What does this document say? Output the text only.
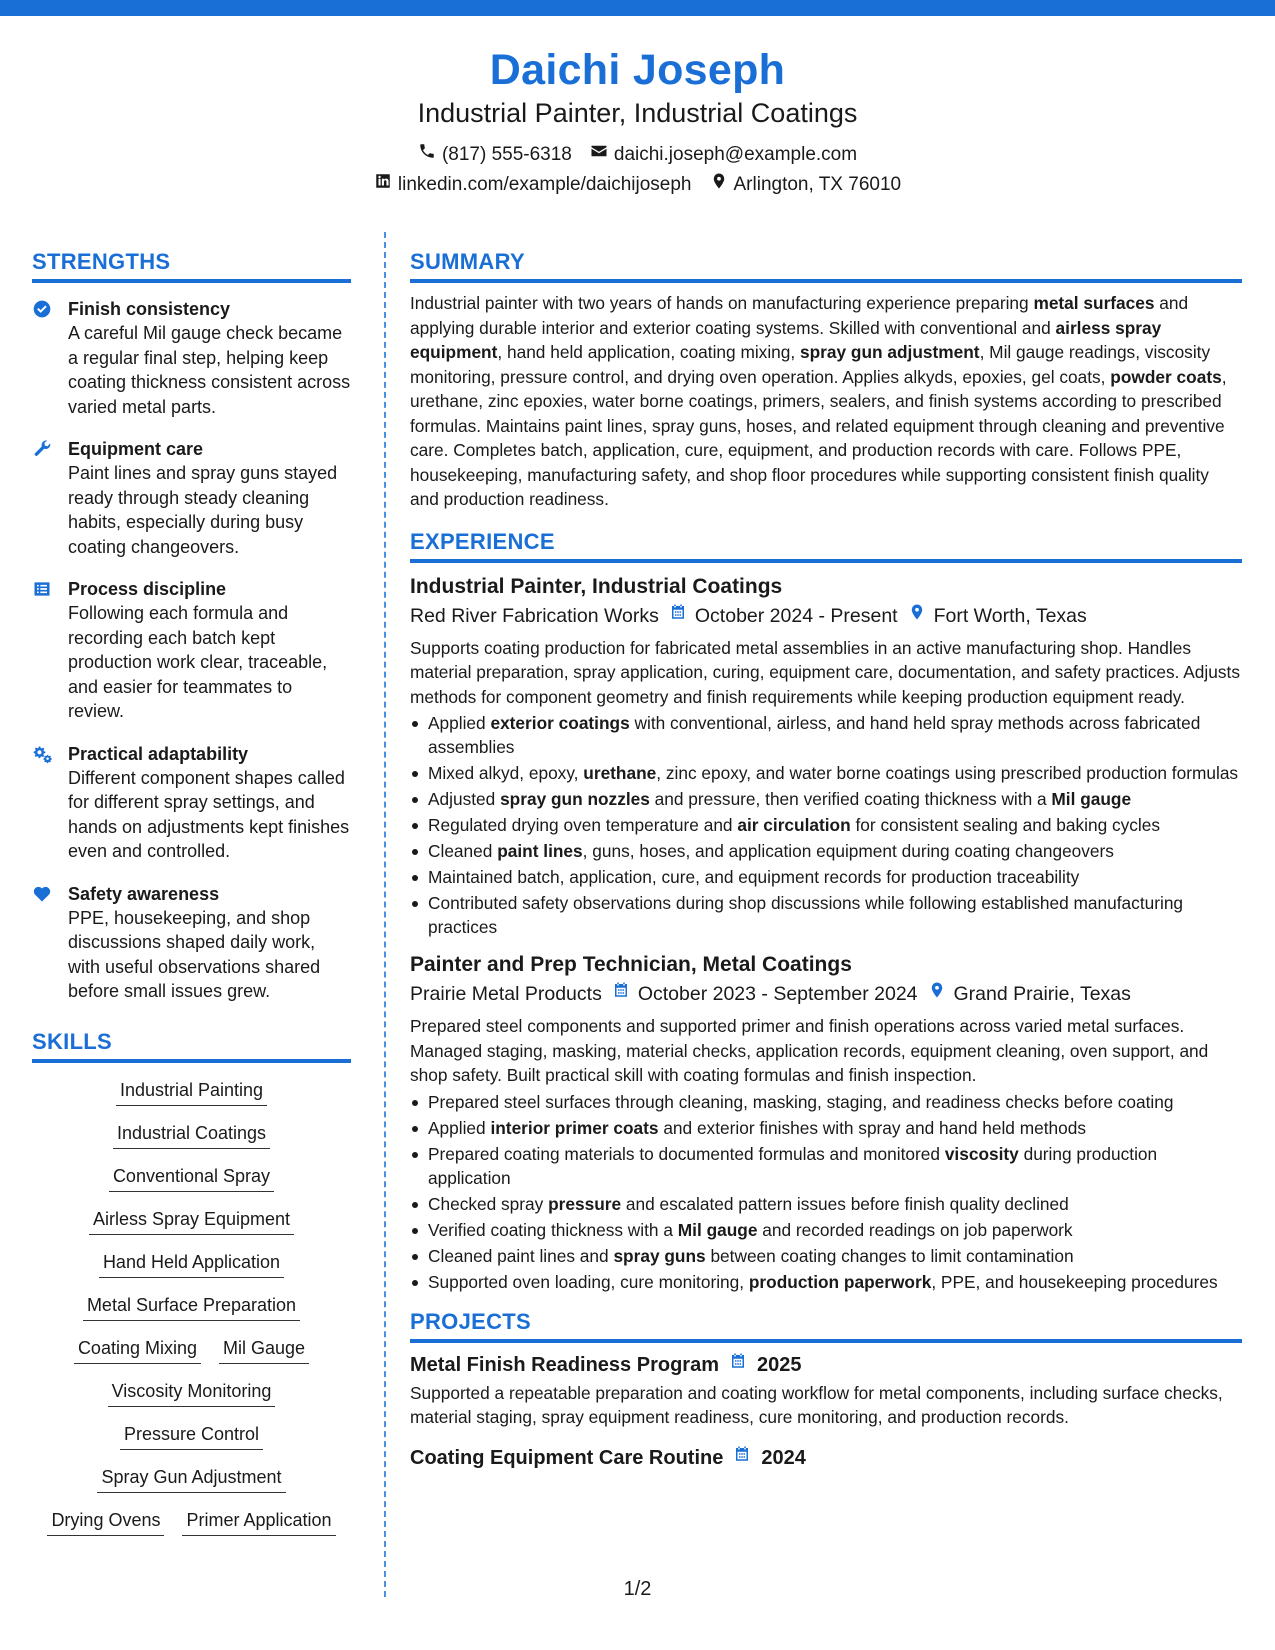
Daichi Joseph
Industrial Painter, Industrial Coatings
(817) 555-6318 daichi.joseph@example.com
linkedin.com/example/daichijoseph Arlington, TX 76010
STRENGTHS
Finish consistency
A careful Mil gauge check became a regular final step, helping keep coating thickness consistent across varied metal parts.
Equipment care
Paint lines and spray guns stayed ready through steady cleaning habits, especially during busy coating changeovers.
Process discipline
Following each formula and recording each batch kept production work clear, traceable, and easier for teammates to review.
Practical adaptability
Different component shapes called for different spray settings, and hands on adjustments kept finishes even and controlled.
Safety awareness
PPE, housekeeping, and shop discussions shaped daily work, with useful observations shared before small issues grew.
SKILLS
Industrial Painting
Industrial Coatings
Conventional Spray
Airless Spray Equipment
Hand Held Application
Metal Surface Preparation
Coating Mixing Mil Gauge
Viscosity Monitoring
Pressure Control
Spray Gun Adjustment
Drying Ovens Primer Application
SUMMARY
Industrial painter with two years of hands on manufacturing experience preparing metal surfaces and applying durable interior and exterior coating systems. Skilled with conventional and airless spray equipment, hand held application, coating mixing, spray gun adjustment, Mil gauge readings, viscosity monitoring, pressure control, and drying oven operation. Applies alkyds, epoxies, gel coats, powder coats, urethane, zinc epoxies, water borne coatings, primers, sealers, and finish systems according to prescribed formulas. Maintains paint lines, spray guns, hoses, and related equipment through cleaning and preventive care. Completes batch, application, cure, equipment, and production records with care. Follows PPE, housekeeping, manufacturing safety, and shop floor procedures while supporting consistent finish quality and production readiness.
EXPERIENCE
Industrial Painter, Industrial Coatings
Red River Fabrication Works October 2024 - Present Fort Worth, Texas
Supports coating production for fabricated metal assemblies in an active manufacturing shop. Handles material preparation, spray application, curing, equipment care, documentation, and safety practices. Adjusts methods for component geometry and finish requirements while keeping production equipment ready.
Applied exterior coatings with conventional, airless, and hand held spray methods across fabricated assemblies
Mixed alkyd, epoxy, urethane, zinc epoxy, and water borne coatings using prescribed production formulas
Adjusted spray gun nozzles and pressure, then verified coating thickness with a Mil gauge
Regulated drying oven temperature and air circulation for consistent sealing and baking cycles
Cleaned paint lines, guns, hoses, and application equipment during coating changeovers
Maintained batch, application, cure, and equipment records for production traceability
Contributed safety observations during shop discussions while following established manufacturing practices
Painter and Prep Technician, Metal Coatings
Prairie Metal Products October 2023 - September 2024 Grand Prairie, Texas
Prepared steel components and supported primer and finish operations across varied metal surfaces. Managed staging, masking, material checks, application records, equipment cleaning, oven support, and shop safety. Built practical skill with coating formulas and finish inspection.
Prepared steel surfaces through cleaning, masking, staging, and readiness checks before coating
Applied interior primer coats and exterior finishes with spray and hand held methods
Prepared coating materials to documented formulas and monitored viscosity during production application
Checked spray pressure and escalated pattern issues before finish quality declined
Verified coating thickness with a Mil gauge and recorded readings on job paperwork
Cleaned paint lines and spray guns between coating changes to limit contamination
Supported oven loading, cure monitoring, production paperwork, PPE, and housekeeping procedures
PROJECTS
Metal Finish Readiness Program 2025
Supported a repeatable preparation and coating workflow for metal components, including surface checks, material staging, spray equipment readiness, cure monitoring, and production records.
Coating Equipment Care Routine 2024
1/2
